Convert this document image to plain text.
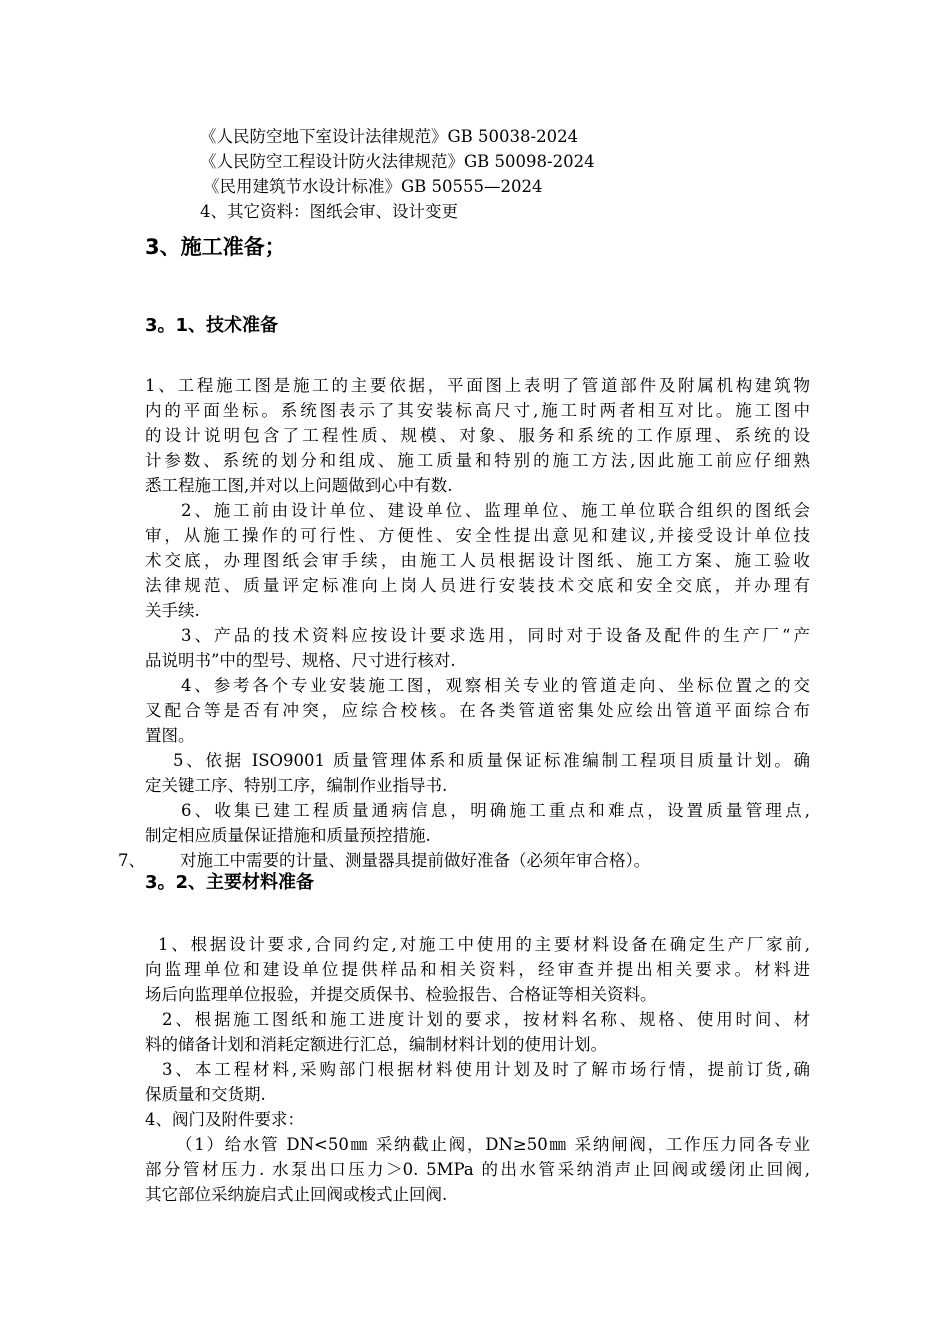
《人民防空地下室设计法律规范》GB 50038-2024
《人民防空工程设计防火法律规范》GB 50098-2024
《民用建筑节水设计标准》GB 50555—2024
4、其它资料：图纸会审、设计变更
3、施工准备；
3。1、技术准备
1、工程施工图是施工的主要依据，平面图上表明了管道部件及附属机构建筑物
内的平面坐标。系统图表示了其安装标高尺寸,施工时两者相互对比。施工图中
的设计说明包含了工程性质、规模、对象、服务和系统的工作原理、系统的设
计参数、系统的划分和组成、施工质量和特别的施工方法,因此施工前应仔细熟
悉工程施工图,并对以上问题做到心中有数.
2、施工前由设计单位、建设单位、监理单位、施工单位联合组织的图纸会
审，从施工操作的可行性、方便性、安全性提出意见和建议,并接受设计单位技
术交底，办理图纸会审手续，由施工人员根据设计图纸、施工方案、施工验收
法律规范、质量评定标准向上岗人员进行安装技术交底和安全交底，并办理有
关手续.
3、产品的技术资料应按设计要求选用，同时对于设备及配件的生产厂“产
品说明书”中的型号、规格、尺寸进行核对.
4、参考各个专业安装施工图，观察相关专业的管道走向、坐标位置之的交
叉配合等是否有冲突，应综合校核。在各类管道密集处应绘出管道平面综合布
置图。
5、依据 ISO9001 质量管理体系和质量保证标准编制工程项目质量计划。确
定关键工序、特别工序，编制作业指导书.
6、收集已建工程质量通病信息，明确施工重点和难点，设置质量管理点,
制定相应质量保证措施和质量预控措施.
7、 对施工中需要的计量、测量器具提前做好准备（必须年审合格）。
3。2、主要材料准备
1、根据设计要求,合同约定,对施工中使用的主要材料设备在确定生产厂家前,
向监理单位和建设单位提供样品和相关资料，经审查并提出相关要求。材料进
场后向监理单位报验，并提交质保书、检验报告、合格证等相关资料。
2、根据施工图纸和施工进度计划的要求，按材料名称、规格、使用时间、材
料的储备计划和消耗定额进行汇总，编制材料计划的使用计划。
3、本工程材料,采购部门根据材料使用计划及时了解市场行情，提前订货,确
保质量和交货期.
4、阀门及附件要求：
（1）给水管 DN<50㎜ 采纳截止阀，DN≥50㎜ 采纳闸阀，工作压力同各专业
部分管材压力. 水泵出口压力＞0. 5MPa 的出水管采纳消声止回阀或缓闭止回阀,
其它部位采纳旋启式止回阀或梭式止回阀.
